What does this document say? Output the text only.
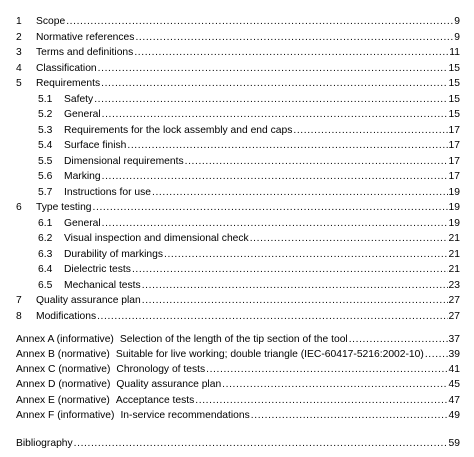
1 Scope .....	9
2 Normative references .....	9
3 Terms and definitions .....	11
4 Classification .....	15
5 Requirements .....	15
5.1 Safety .....	15
5.2 General .....	15
5.3 Requirements for the lock assembly and end caps .....	17
5.4 Surface finish .....	17
5.5 Dimensional requirements .....	17
5.6 Marking .....	17
5.7 Instructions for use .....	19
6 Type testing .....	19
6.1 General .....	19
6.2 Visual inspection and dimensional check .....	21
6.3 Durability of markings .....	21
6.4 Dielectric tests .....	21
6.5 Mechanical tests .....	23
7 Quality assurance plan .....	27
8 Modifications .....	27
Annex A (informative) Selection of the length of the tip section of the tool .....	37
Annex B (normative) Suitable for live working; double triangle (IEC-60417-5216:2002-10) ..... 39
Annex C (normative) Chronology of tests .....	41
Annex D (normative) Quality assurance plan .....	45
Annex E (normative) Acceptance tests .....	47
Annex F (informative) In-service recommendations .....	49
Bibliography .....	59
